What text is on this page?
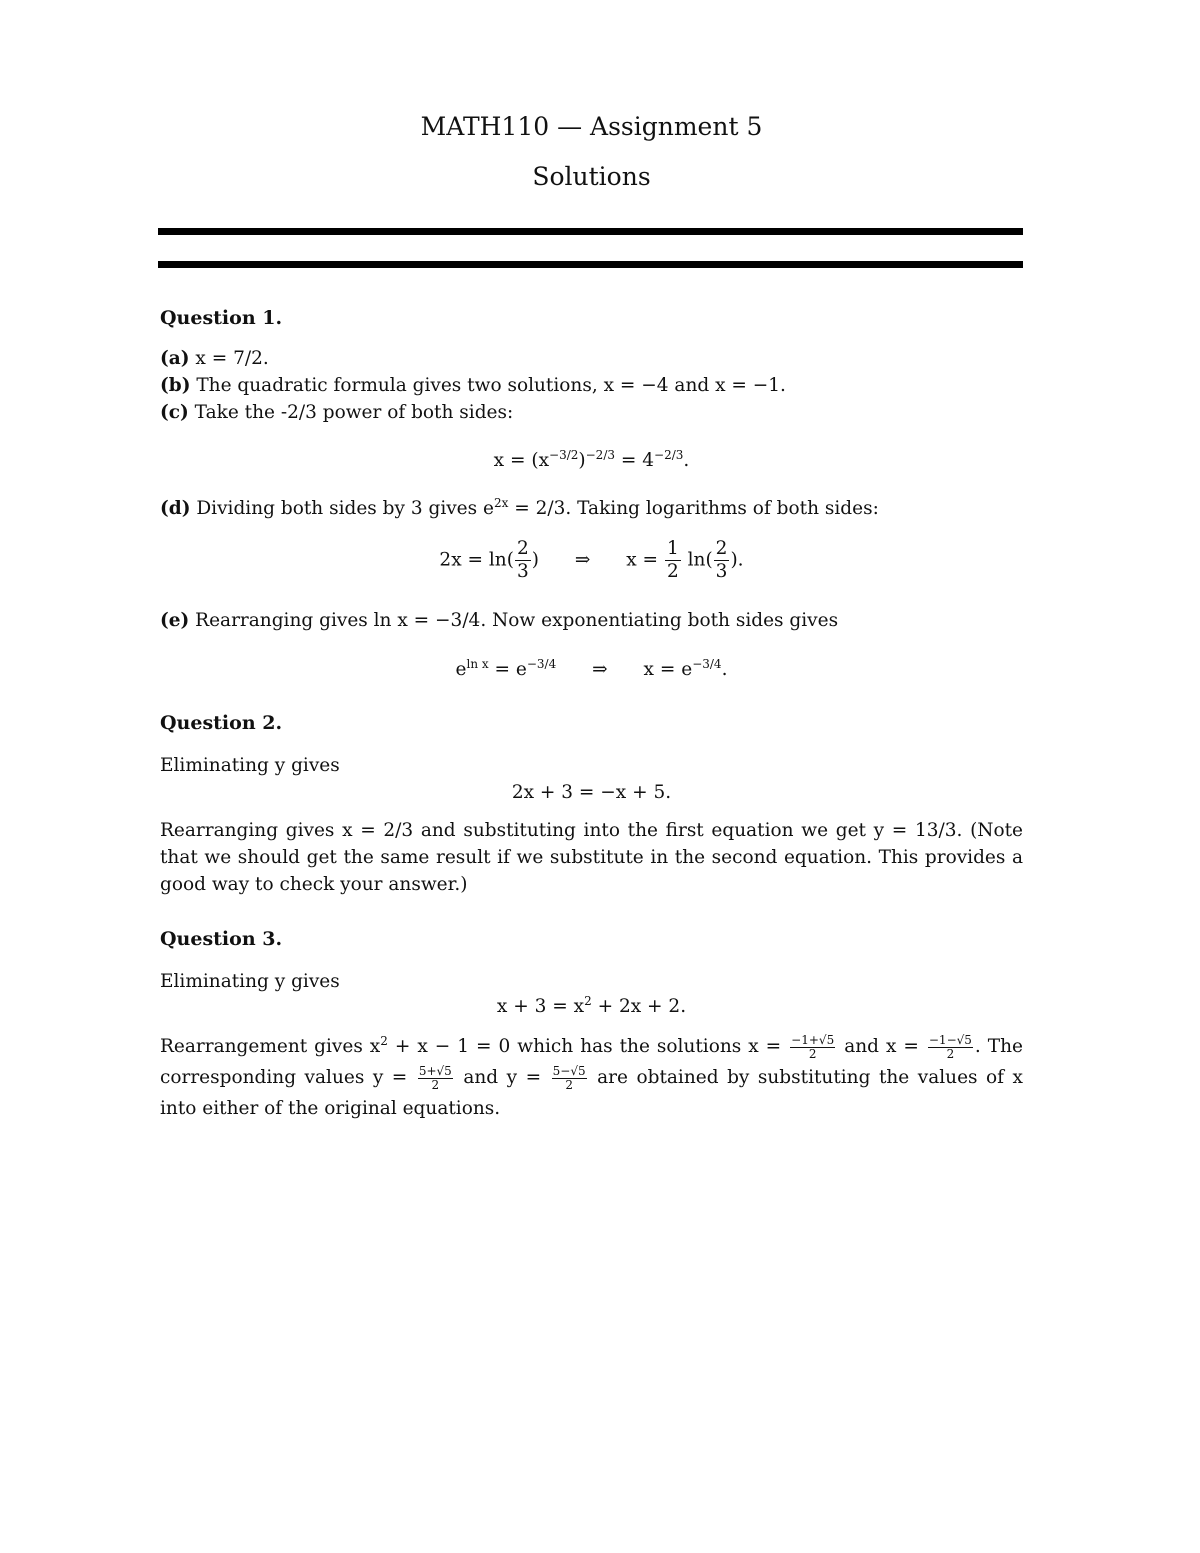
MATH110 — Assignment 5
Solutions
Question 1.
(a) x = 7/2.
(b) The quadratic formula gives two solutions, x = −4 and x = −1.
(c) Take the -2/3 power of both sides:
$x = (x^{-3/2})^{-2/3} = 4^{-2/3}$.
(d) Dividing both sides by 3 gives $e^{2x} = 2/3$. Taking logarithms of both sides:
$2x = \ln( \frac{2}{3}$ ) ⇒ $x = \frac{1}{2} \ln( \frac{2}{3}$ ).
(e) Rearranging gives ln x = −3/4. Now exponentiating both sides gives
$e^{ln x} = e^{-3/4}$ ⇒ $x = e^{-3/4}$.
Question 2.
Eliminating y gives
2x + 3 = −x + 5.
Rearranging gives x = 2/3 and substituting into the first equation we get y = 13/3. (Note that we should get the same result if we substitute in the second equation. This provides a good way to check your answer.)
Question 3.
Eliminating y gives
$x + 3 = x^2 + 2x + 2$.
Rearrangement gives $x^2 + x - 1 = 0$ which has the solutions $x = \frac{-1+√5}{2}$ and $x = \frac{-1-√5}{2}$ . The corresponding values $y = \frac{5+√5}{2}$ and $y = \frac{5-√5}{2}$ are obtained by substituting the values of x into either of the original equations.
